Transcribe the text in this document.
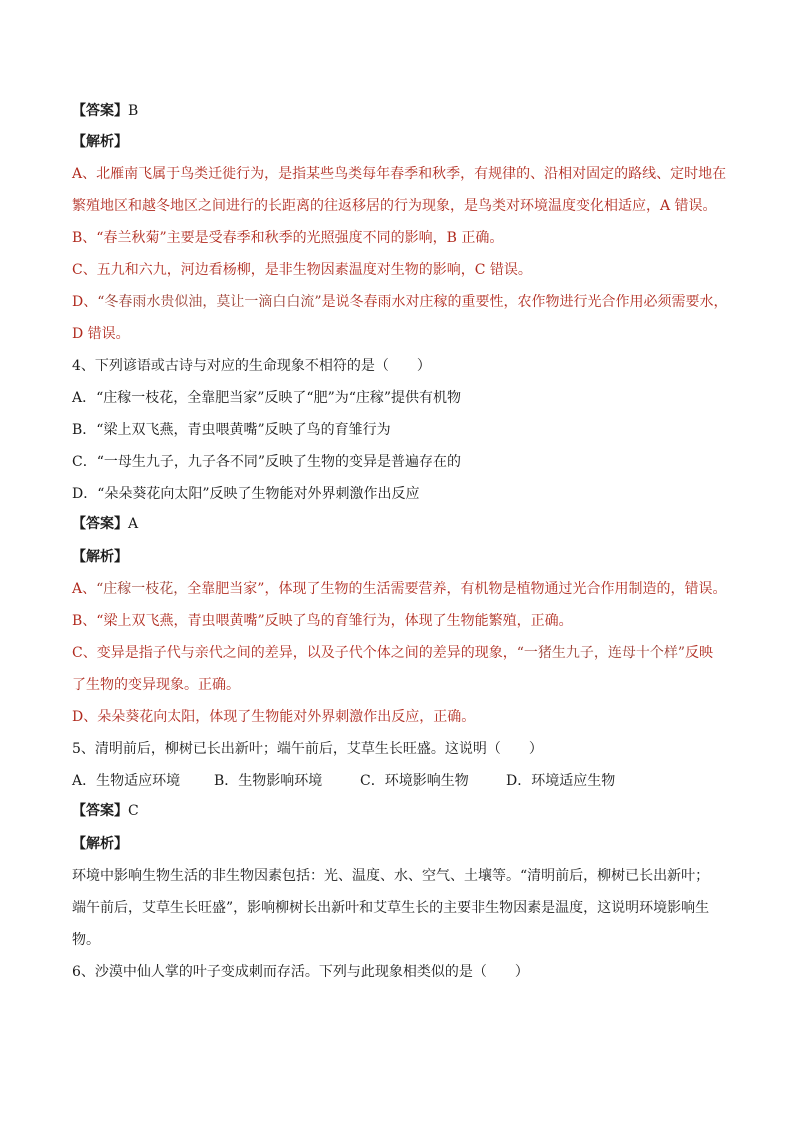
【答案】B
【解析】
A、北雁南飞属于鸟类迁徙行为，是指某些鸟类每年春季和秋季，有规律的、沿相对固定的路线、定时地在
繁殖地区和越冬地区之间进行的长距离的往返移居的行为现象，是鸟类对环境温度变化相适应，A 错误。
B、“春兰秋菊”主要是受春季和秋季的光照强度不同的影响，B 正确。
C、五九和六九，河边看杨柳，是非生物因素温度对生物的影响，C 错误。
D、“冬春雨水贵似油，莫让一滴白白流”是说冬春雨水对庄稼的重要性，农作物进行光合作用必须需要水，
D 错误。
4、下列谚语或古诗与对应的生命现象不相符的是（　　）
A．“庄稼一枝花，全靠肥当家”反映了“肥”为“庄稼”提供有机物
B．“梁上双飞燕，青虫喂黄嘴”反映了鸟的育雏行为
C．“一母生九子，九子各不同”反映了生物的变异是普遍存在的
D．“朵朵葵花向太阳”反映了生物能对外界刺激作出反应
【答案】A
【解析】
A、“庄稼一枝花，全靠肥当家”，体现了生物的生活需要营养，有机物是植物通过光合作用制造的，错误。
B、“梁上双飞燕，青虫喂黄嘴”反映了鸟的育雏行为，体现了生物能繁殖，正确。
C、变异是指子代与亲代之间的差异，以及子代个体之间的差异的现象，“一猪生九子，连母十个样”反映
了生物的变异现象。正确。
D、朵朵葵花向太阳，体现了生物能对外界刺激作出反应，正确。
5、清明前后，柳树已长出新叶；端午前后，艾草生长旺盛。这说明（　　）
A．生物适应环境 B．生物影响环境	C．环境影响生物	D．环境适应生物
【答案】C
【解析】
环境中影响生物生活的非生物因素包括：光、温度、水、空气、土壤等。“清明前后，柳树已长出新叶；
端午前后，艾草生长旺盛”，影响柳树长出新叶和艾草生长的主要非生物因素是温度，这说明环境影响生
物。
6、沙漠中仙人掌的叶子变成刺而存活。下列与此现象相类似的是（　　）
